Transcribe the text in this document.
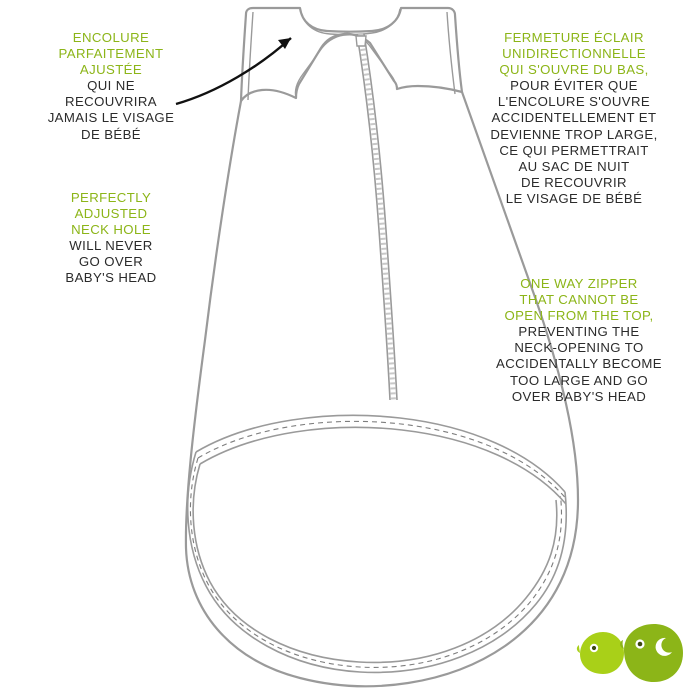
ENCOLURE
PARFAITEMENT
AJUSTÉE
QUI NE
RECOUVRIRA
JAMAIS LE VISAGE
DE BÉBÉ
PERFECTLY
ADJUSTED
NECK HOLE
WILL NEVER
GO OVER
BABY'S HEAD
FERMETURE ÉCLAIR
UNIDIRECTIONNELLE
QUI S'OUVRE DU BAS,
POUR ÉVITER QUE
L'ENCOLURE S'OUVRE
ACCIDENTELLEMENT ET
DEVIENNE TROP LARGE,
CE QUI PERMETTRAIT
AU SAC DE NUIT
DE RECOUVRIR
LE VISAGE DE BÉBÉ
ONE WAY ZIPPER
THAT CANNOT BE
OPEN FROM THE TOP,
PREVENTING THE
NECK-OPENING TO
ACCIDENTALLY BECOME
TOO LARGE AND GO
OVER BABY'S HEAD
